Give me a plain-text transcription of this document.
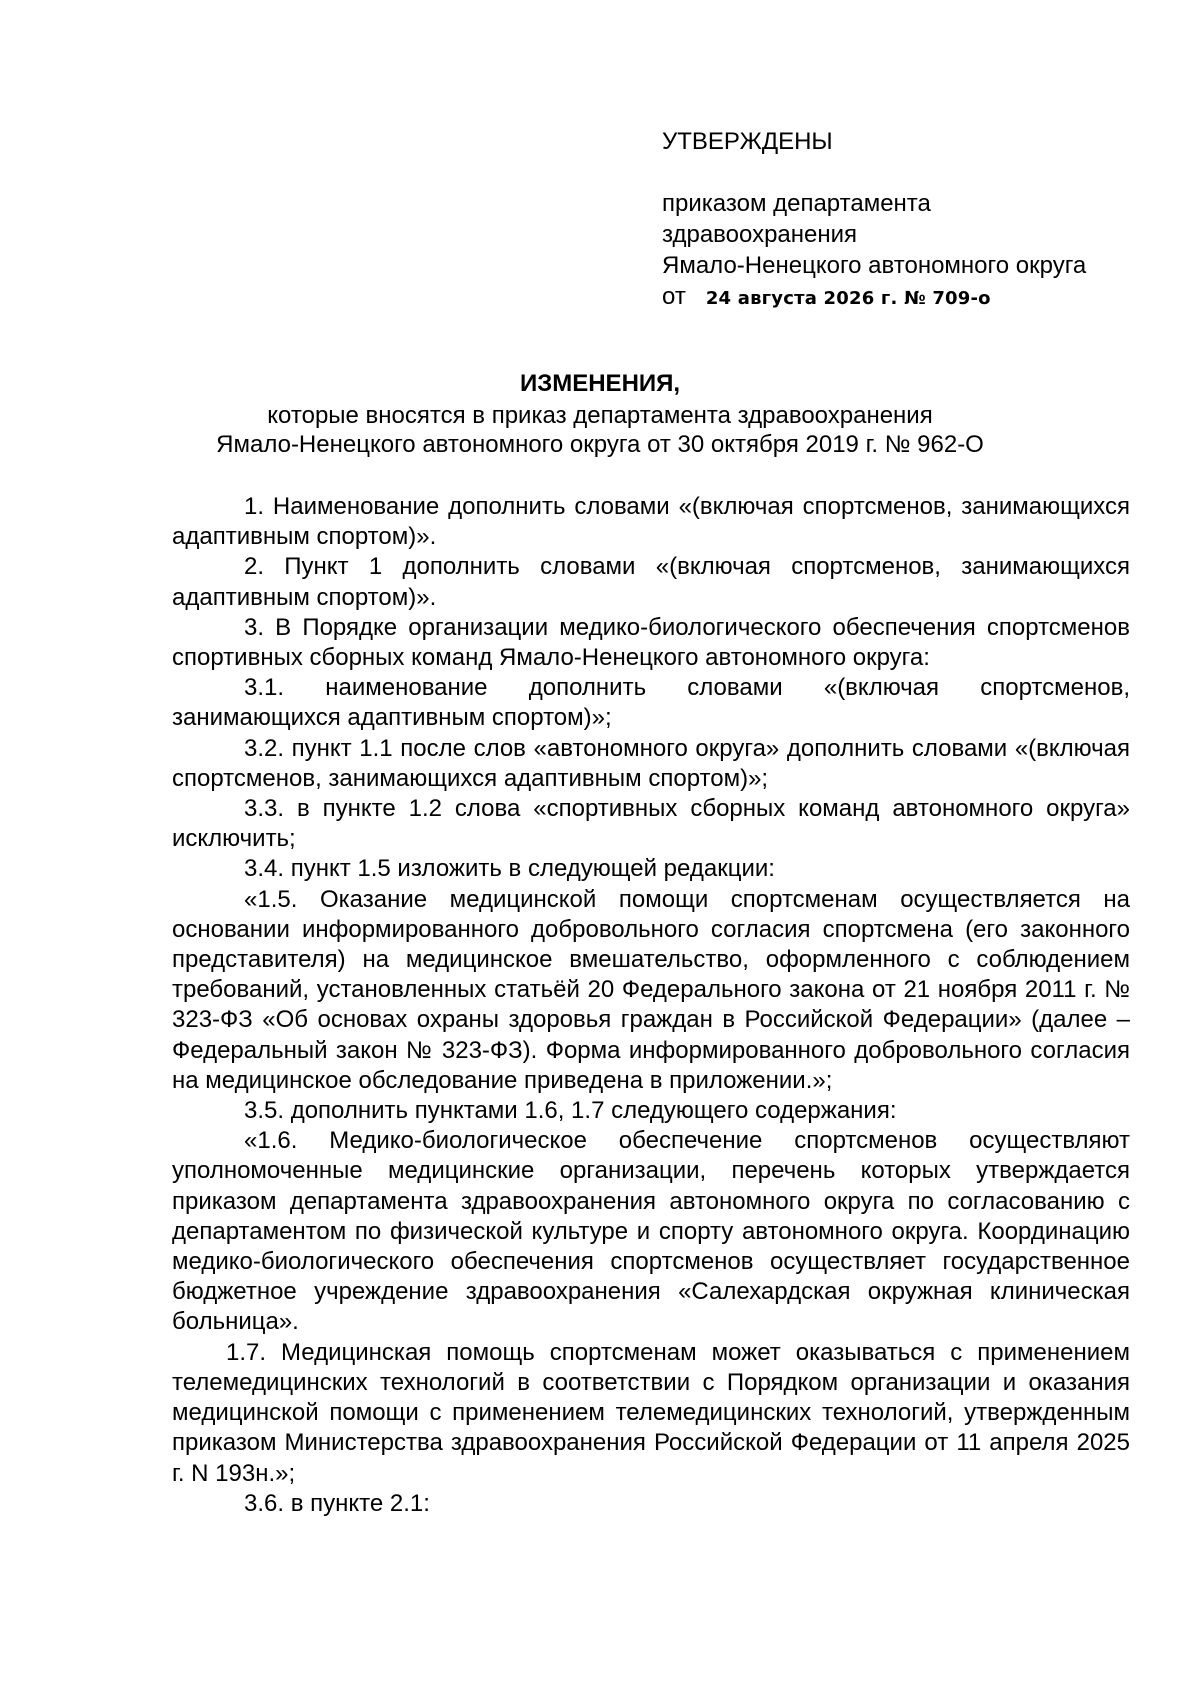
УТВЕРЖДЕНЫ
приказом департамента
здравоохранения
Ямало-Ненецкого автономного округа
от 24 августа 2026 г. № 709-о
ИЗМЕНЕНИЯ,
которые вносятся в приказ департамента здравоохранения
Ямало-Ненецкого автономного округа от 30 октября 2019 г. № 962-О

1. Наименование дополнить словами «(включая спортсменов, занимающихся адаптивным спортом)».

2. Пункт 1 дополнить словами «(включая спортсменов, занимающихся адаптивным спортом)».

3. В Порядке организации медико-биологического обеспечения спортсменов спортивных сборных команд Ямало-Ненецкого автономного округа:

3.1. наименование дополнить словами «(включая спортсменов, занимающихся адаптивным спортом)»;

3.2. пункт 1.1 после слов «автономного округа» дополнить словами «(включая спортсменов, занимающихся адаптивным спортом)»;

3.3. в пункте 1.2 слова «спортивных сборных команд автономного округа» исключить;

3.4. пункт 1.5 изложить в следующей редакции:

«1.5. Оказание медицинской помощи спортсменам осуществляется на основании информированного добровольного согласия спортсмена (его законного представителя) на медицинское вмешательство, оформленного с соблюдением требований, установленных статьёй 20 Федерального закона от 21 ноября 2011 г. № 323-ФЗ «Об основах охраны здоровья граждан в Российской Федерации» (далее – Федеральный закон № 323-ФЗ). Форма информированного добровольного согласия на медицинское обследование приведена в приложении.»;

3.5. дополнить пунктами 1.6, 1.7 следующего содержания:

«1.6. Медико-биологическое обеспечение спортсменов осуществляют уполномоченные медицинские организации, перечень которых утверждается приказом департамента здравоохранения автономного округа по согласованию с департаментом по физической культуре и спорту автономного округа. Координацию медико-биологического обеспечения спортсменов осуществляет государственное бюджетное учреждение здравоохранения «Салехардская окружная клиническая больница».

1.7. Медицинская помощь спортсменам может оказываться с применением телемедицинских технологий в соответствии с Порядком организации и оказания медицинской помощи с применением телемедицинских технологий, утвержденным приказом Министерства здравоохранения Российской Федерации от 11 апреля 2025 г. N 193н.»;

3.6. в пункте 2.1:
